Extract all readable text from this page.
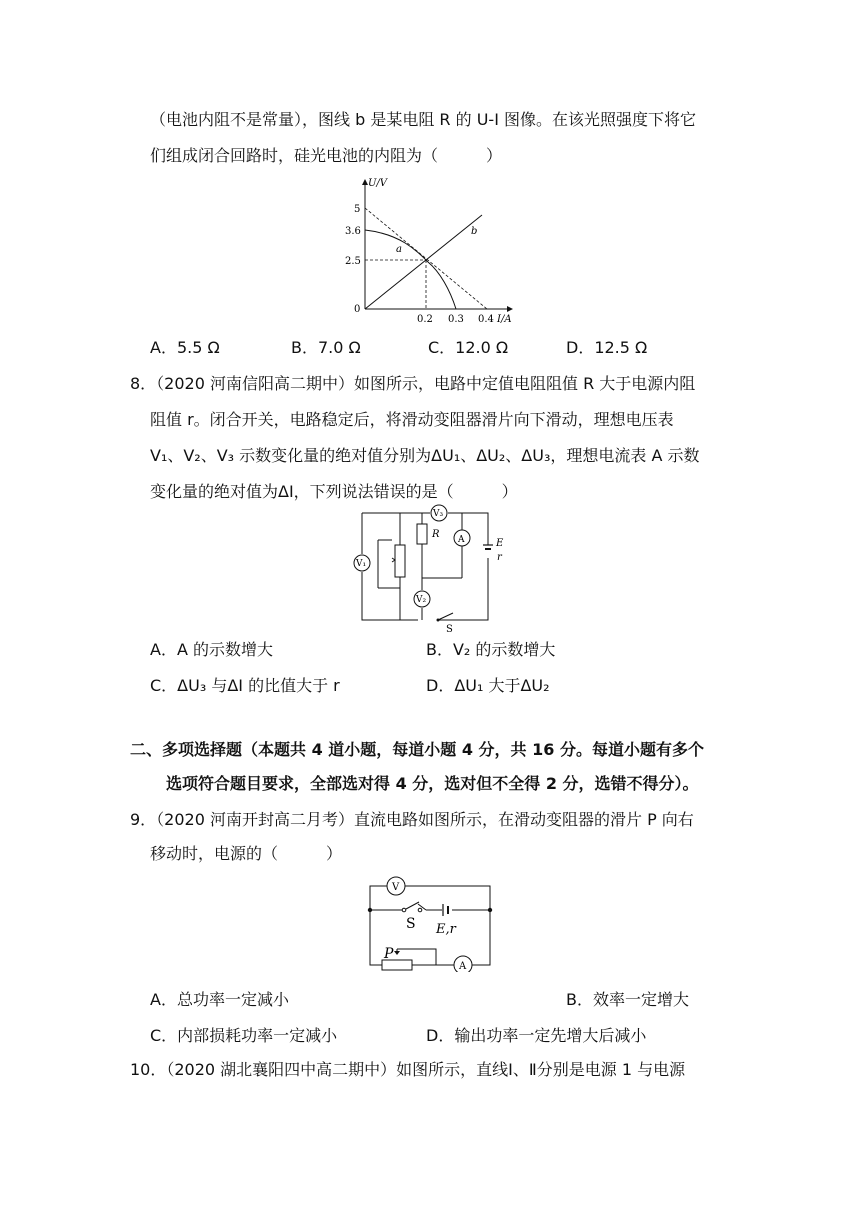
（电池内阻不是常量），图线 b 是某电阻 R 的 U-I 图像。在该光照强度下将它
们组成闭合回路时，硅光电池的内阻为（　　　）
U/V
5
3.6
2.5
0
0.2 0.3 0.4 I/A
a
b
A．5.5 Ω	B．7.0 Ω	C．12.0 Ω	D．12.5 Ω
8．（2020 河南信阳高二期中）如图所示，电路中定值电阻阻值 R 大于电源内阻
阻值 r。闭合开关，电路稳定后，将滑动变阻器滑片向下滑动，理想电压表
V₁、V₂、V₃ 示数变化量的绝对值分别为ΔU₁、ΔU₂、ΔU₃，理想电流表 A 示数
变化量的绝对值为ΔI，下列说法错误的是（　　　）
V₃
V₁
V₂
A
R
E
r
S
A．A 的示数增大	B．V₂ 的示数增大
C．ΔU₃ 与ΔI 的比值大于 r	D．ΔU₁ 大于ΔU₂
二、多项选择题（本题共 4 道小题，每道小题 4 分，共 16 分。每道小题有多个
选项符合题目要求，全部选对得 4 分，选对但不全得 2 分，选错不得分）。
9．（2020 河南开封高二月考）直流电路如图所示，在滑动变阻器的滑片 P 向右
移动时，电源的（　　　）
V
S E,r
P
A
A．总功率一定减小	B．效率一定增大
C．内部损耗功率一定减小	D．输出功率一定先增大后减小
10．（2020 湖北襄阳四中高二期中）如图所示，直线Ⅰ、Ⅱ分别是电源 1 与电源
